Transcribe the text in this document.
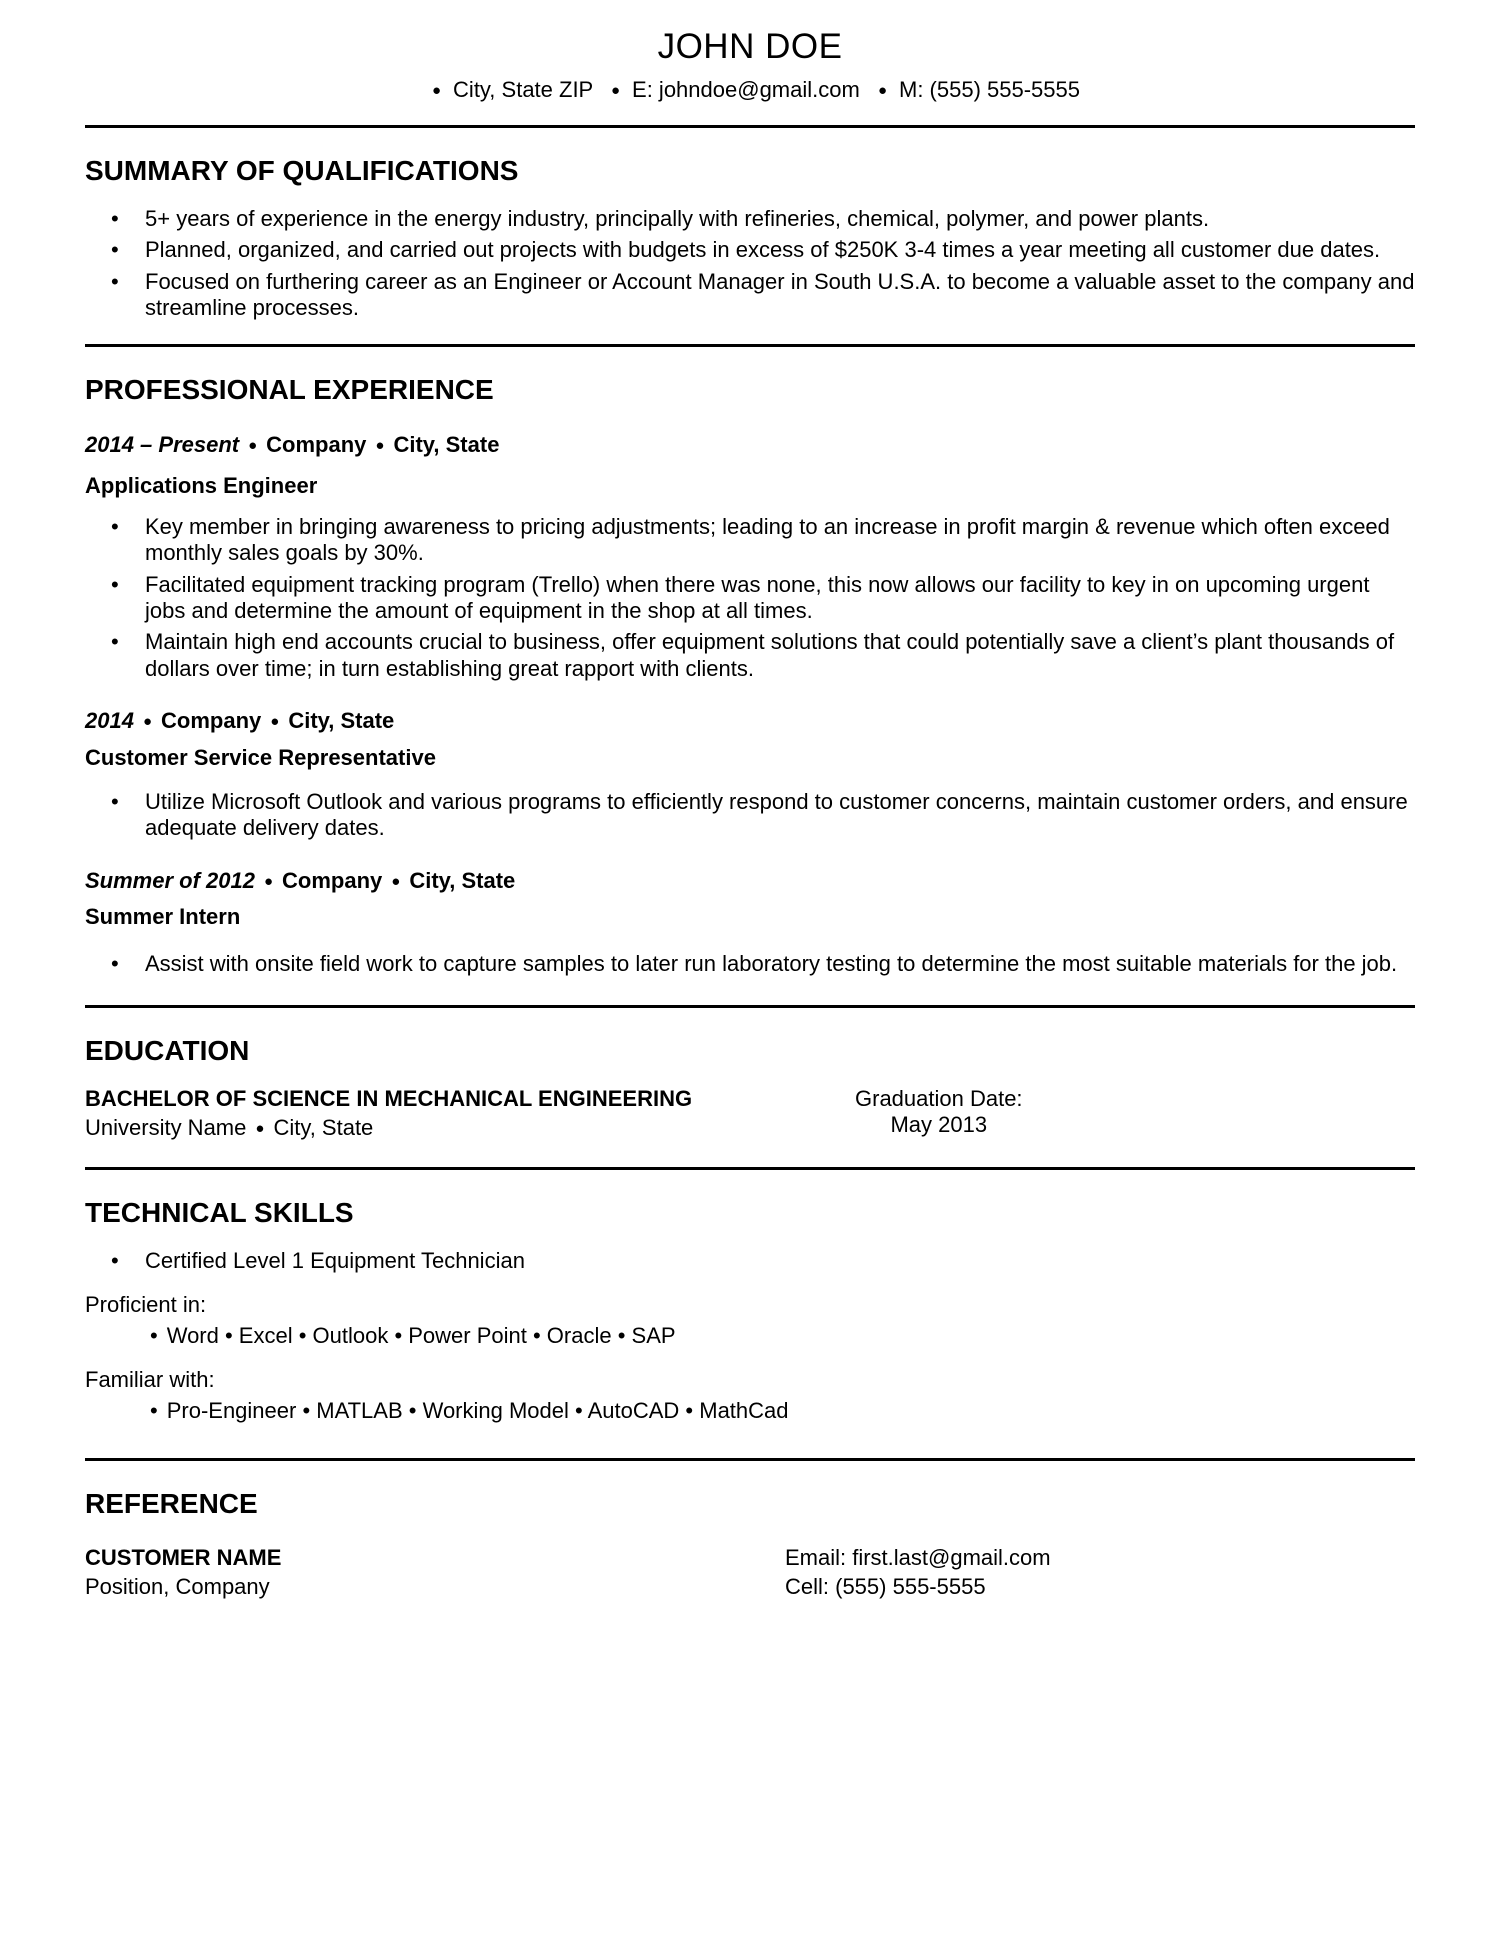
JOHN DOE
● City, State ZIP ● E: johndoe@gmail.com ● M: (555) 555-5555
SUMMARY OF QUALIFICATIONS
•	5+ years of experience in the energy industry, principally with refineries, chemical, polymer, and power plants.
•	Planned, organized, and carried out projects with budgets in excess of $250K 3-4 times a year meeting all customer due dates.
•	Focused on furthering career as an Engineer or Account Manager in South U.S.A. to become a valuable asset to the company and streamline processes.
PROFESSIONAL EXPERIENCE
2014 – Present ● Company ● City, State
Applications Engineer
•	Key member in bringing awareness to pricing adjustments; leading to an increase in profit margin & revenue which often exceed monthly sales goals by 30%.
•	Facilitated equipment tracking program (Trello) when there was none, this now allows our facility to key in on upcoming urgent jobs and determine the amount of equipment in the shop at all times.
•	Maintain high end accounts crucial to business, offer equipment solutions that could potentially save a client’s plant thousands of dollars over time; in turn establishing great rapport with clients.
2014 ● Company ● City, State
Customer Service Representative
•	Utilize Microsoft Outlook and various programs to efficiently respond to customer concerns, maintain customer orders, and ensure adequate delivery dates.
Summer of 2012 ● Company ● City, State
Summer Intern
•	Assist with onsite field work to capture samples to later run laboratory testing to determine the most suitable materials for the job.
EDUCATION
BACHELOR OF SCIENCE IN MECHANICAL ENGINEERING
University Name ● City, State
Graduation Date:
May 2013
TECHNICAL SKILLS
•	Certified Level 1 Equipment Technician
Proficient in:
• Word • Excel • Outlook • Power Point • Oracle • SAP
Familiar with:
• Pro-Engineer • MATLAB • Working Model • AutoCAD • MathCad
REFERENCE
CUSTOMER NAME
Position, Company
Email: first.last@gmail.com
Cell: (555) 555-5555
